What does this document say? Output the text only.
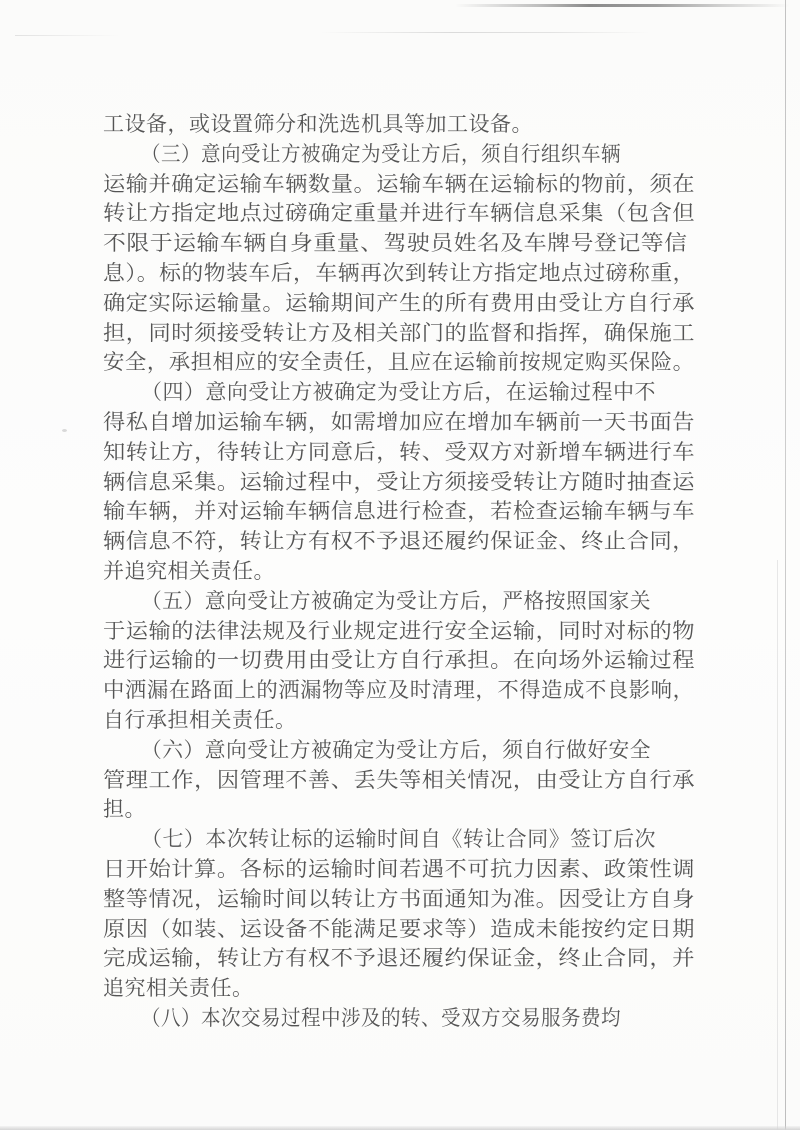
工设备，或设置筛分和洗选机具等加工设备。

（三）意向受让方被确定为受让方后，须自行组织车辆

运输并确定运输车辆数量。运输车辆在运输标的物前，须在

转让方指定地点过磅确定重量并进行车辆信息采集（包含但

不限于运输车辆自身重量、驾驶员姓名及车牌号登记等信

息）。标的物装车后，车辆再次到转让方指定地点过磅称重，

确定实际运输量。运输期间产生的所有费用由受让方自行承

担，同时须接受转让方及相关部门的监督和指挥，确保施工

安全，承担相应的安全责任，且应在运输前按规定购买保险。

（四）意向受让方被确定为受让方后，在运输过程中不

得私自增加运输车辆，如需增加应在增加车辆前一天书面告

知转让方，待转让方同意后，转、受双方对新增车辆进行车

辆信息采集。运输过程中，受让方须接受转让方随时抽查运

输车辆，并对运输车辆信息进行检查，若检查运输车辆与车

辆信息不符，转让方有权不予退还履约保证金、终止合同，

并追究相关责任。

（五）意向受让方被确定为受让方后，严格按照国家关

于运输的法律法规及行业规定进行安全运输，同时对标的物

进行运输的一切费用由受让方自行承担。在向场外运输过程

中洒漏在路面上的洒漏物等应及时清理，不得造成不良影响，

自行承担相关责任。

（六）意向受让方被确定为受让方后，须自行做好安全

管理工作，因管理不善、丢失等相关情况，由受让方自行承

担。

（七）本次转让标的运输时间自《转让合同》签订后次

日开始计算。各标的运输时间若遇不可抗力因素、政策性调

整等情况，运输时间以转让方书面通知为准。因受让方自身

原因（如装、运设备不能满足要求等）造成未能按约定日期

完成运输，转让方有权不予退还履约保证金，终止合同，并

追究相关责任。

（八）本次交易过程中涉及的转、受双方交易服务费均
